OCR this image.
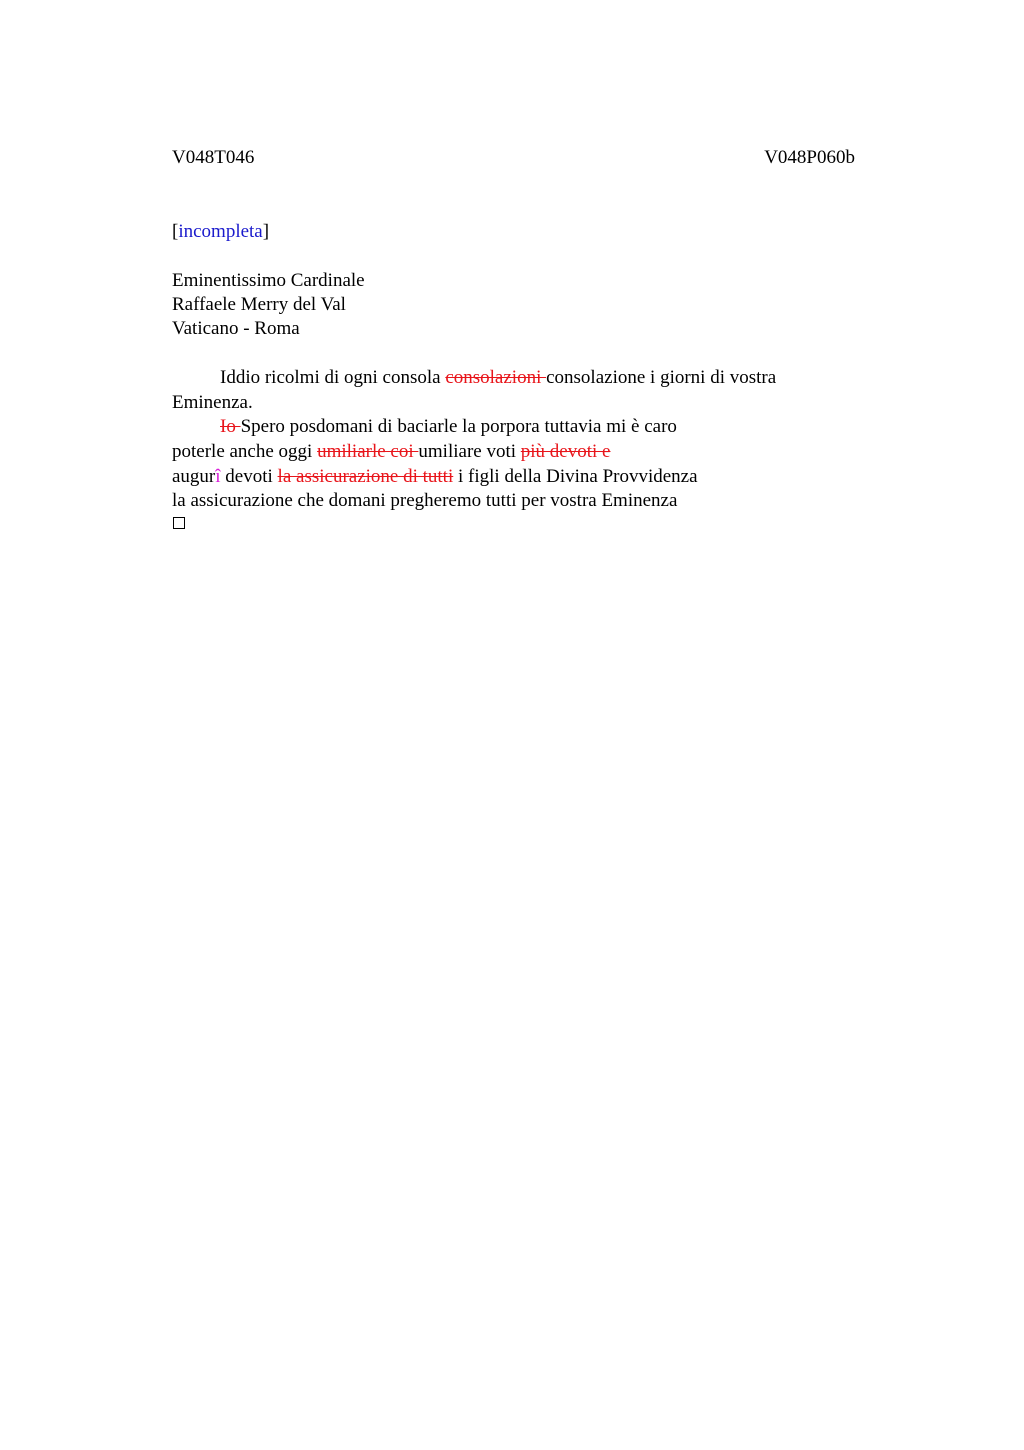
V048T046	V048P060b
[incompleta]
Eminentissimo Cardinale
Raffaele Merry del Val
Vaticano - Roma
Iddio ricolmi di ogni consola consolazioni consolazione i giorni di vostra
Eminenza.
Io Spero posdomani di baciarle la porpora tuttavia mi è caro
poterle anche oggi umiliarle coi umiliare voti più devoti e
augurî devoti la assicurazione di tutti i figli della Divina Provvidenza
la assicurazione che domani pregheremo tutti per vostra Eminenza
